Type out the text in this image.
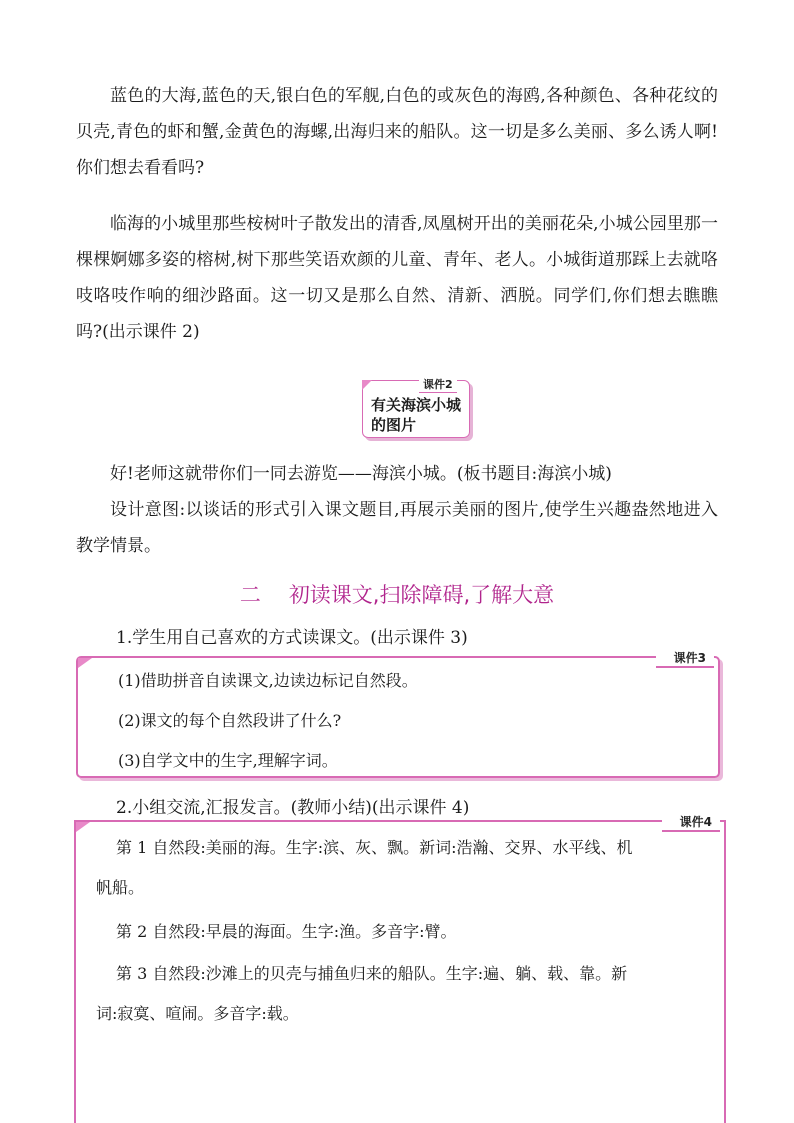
蓝色的大海,蓝色的天,银白色的军舰,白色的或灰色的海鸥,各种颜色、各种花纹的贝壳,青色的虾和蟹,金黄色的海螺,出海归来的船队。这一切是多么美丽、多么诱人啊!你们想去看看吗?

临海的小城里那些桉树叶子散发出的清香,凤凰树开出的美丽花朵,小城公园里那一棵棵婀娜多姿的榕树,树下那些笑语欢颜的儿童、青年、老人。小城街道那踩上去就咯吱咯吱作响的细沙路面。这一切又是那么自然、清新、洒脱。同学们,你们想去瞧瞧吗?(出示课件 2)

课件2
有关海滨小城的图片

好!老师这就带你们一同去游览——海滨小城。(板书题目:海滨小城)

设计意图:以谈话的形式引入课文题目,再展示美丽的图片,使学生兴趣盎然地进入教学情景。

二 初读课文,扫除障碍,了解大意

1.学生用自己喜欢的方式读课文。(出示课件 3)

课件3
(1)借助拼音自读课文,边读边标记自然段。
(2)课文的每个自然段讲了什么?
(3)自学文中的生字,理解字词。

2.小组交流,汇报发言。(教师小结)(出示课件 4)

课件4
第 1 自然段:美丽的海。生字:滨、灰、飘。新词:浩瀚、交界、水平线、机
帆船。
第 2 自然段:早晨的海面。生字:渔。多音字:臂。
第 3 自然段:沙滩上的贝壳与捕鱼归来的船队。生字:遍、躺、载、靠。新
词:寂寞、喧闹。多音字:载。
